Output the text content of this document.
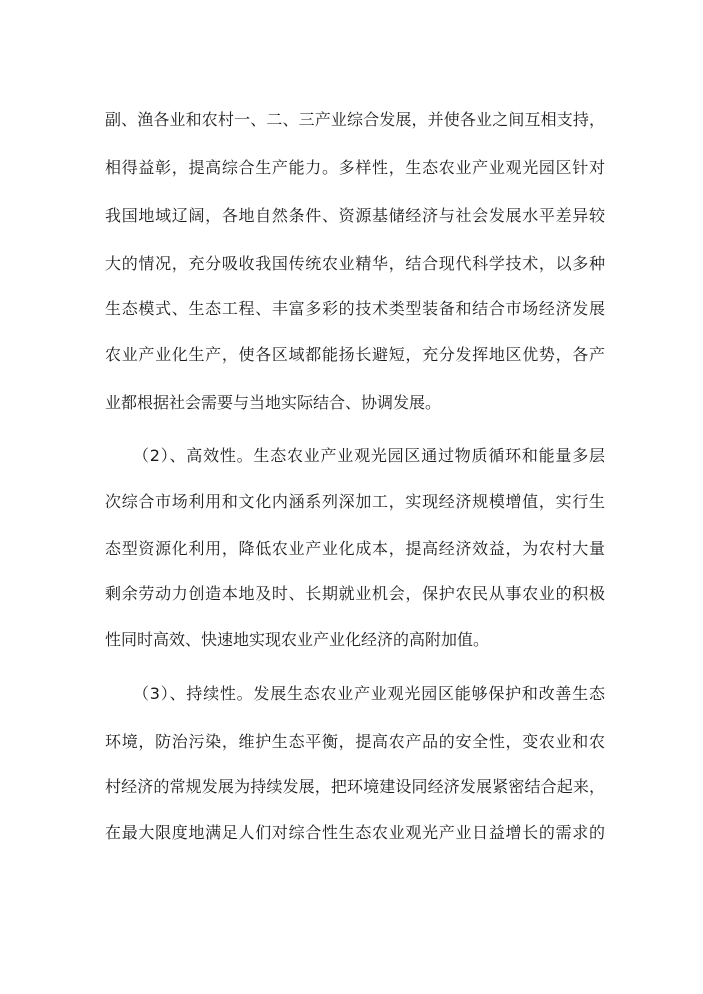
副、渔各业和农村一、二、三产业综合发展，并使各业之间互相支持，
相得益彰，提高综合生产能力。多样性，生态农业产业观光园区针对
我国地域辽阔，各地自然条件、资源基储经济与社会发展水平差异较
大的情况，充分吸收我国传统农业精华，结合现代科学技术，以多种
生态模式、生态工程、丰富多彩的技术类型装备和结合市场经济发展
农业产业化生产，使各区域都能扬长避短，充分发挥地区优势，各产
业都根据社会需要与当地实际结合、协调发展。
（2）、高效性。生态农业产业观光园区通过物质循环和能量多层
次综合市场利用和文化内涵系列深加工，实现经济规模增值，实行生
态型资源化利用，降低农业产业化成本，提高经济效益，为农村大量
剩余劳动力创造本地及时、长期就业机会，保护农民从事农业的积极
性同时高效、快速地实现农业产业化经济的高附加值。
（3）、持续性。发展生态农业产业观光园区能够保护和改善生态
环境，防治污染，维护生态平衡，提高农产品的安全性，变农业和农
村经济的常规发展为持续发展，把环境建设同经济发展紧密结合起来，
在最大限度地满足人们对综合性生态农业观光产业日益增长的需求的
